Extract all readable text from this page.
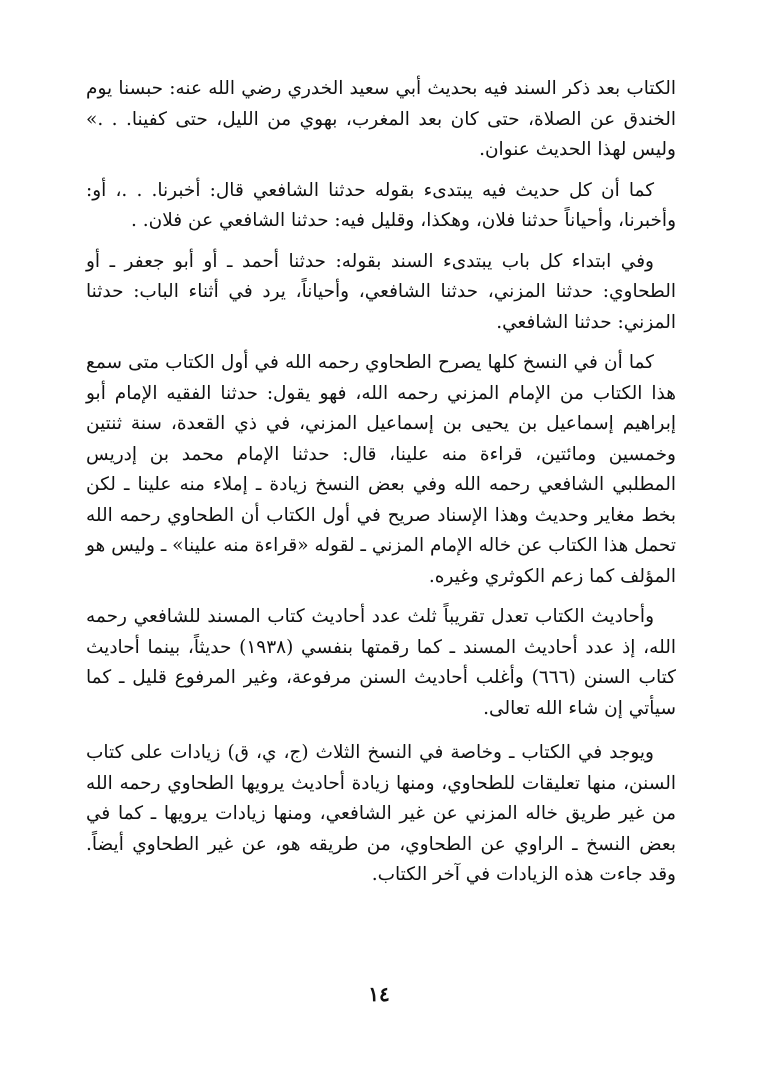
الكتاب بعد ذكر السند فيه بحديث أبي سعيد الخدري رضي الله عنه: حبسنا يوم الخندق عن الصلاة، حتى كان بعد المغرب، بهوي من الليل، حتى كفينا. . .» وليس لهذا الحديث عنوان.

كما أن كل حديث فيه يبتدىء بقوله حدثنا الشافعي قال: أخبرنا. . .، أو: وأخبرنا، وأحياناً حدثنا فلان، وهكذا، وقليل فيه: حدثنا الشافعي عن فلان. .

وفي ابتداء كل باب يبتدىء السند بقوله: حدثنا أحمد ـ أو أبو جعفر ـ أو الطحاوي: حدثنا المزني، حدثنا الشافعي، وأحياناً، يرد في أثناء الباب: حدثنا المزني: حدثنا الشافعي.

كما أن في النسخ كلها يصرح الطحاوي رحمه الله في أول الكتاب متى سمع هذا الكتاب من الإمام المزني رحمه الله، فهو يقول: حدثنا الفقيه الإمام أبو إبراهيم إسماعيل بن يحيى بن إسماعيل المزني، في ذي القعدة، سنة ثنتين وخمسين ومائتين، قراءة منه علينا، قال: حدثنا الإمام محمد بن إدريس المطلبي الشافعي رحمه الله وفي بعض النسخ زيادة ـ إملاء منه علينا ـ لكن بخط مغاير وحديث وهذا الإسناد صريح في أول الكتاب أن الطحاوي رحمه الله تحمل هذا الكتاب عن خاله الإمام المزني ـ لقوله «قراءة منه علينا» ـ وليس هو المؤلف كما زعم الكوثري وغيره.

وأحاديث الكتاب تعدل تقريباً ثلث عدد أحاديث كتاب المسند للشافعي رحمه الله، إذ عدد أحاديث المسند ـ كما رقمتها بنفسي (١٩٣٨) حديثاً، بينما أحاديث كتاب السنن (٦٦٦) وأغلب أحاديث السنن مرفوعة، وغير المرفوع قليل ـ كما سيأتي إن شاء الله تعالى.

ويوجد في الكتاب ـ وخاصة في النسخ الثلاث (ج، ي، ق) زيادات على كتاب السنن، منها تعليقات للطحاوي، ومنها زيادة أحاديث يرويها الطحاوي رحمه الله من غير طريق خاله المزني عن غير الشافعي، ومنها زيادات يرويها ـ كما في بعض النسخ ـ الراوي عن الطحاوي، من طريقه هو، عن غير الطحاوي أيضاً. وقد جاءت هذه الزيادات في آخر الكتاب.

١٤
